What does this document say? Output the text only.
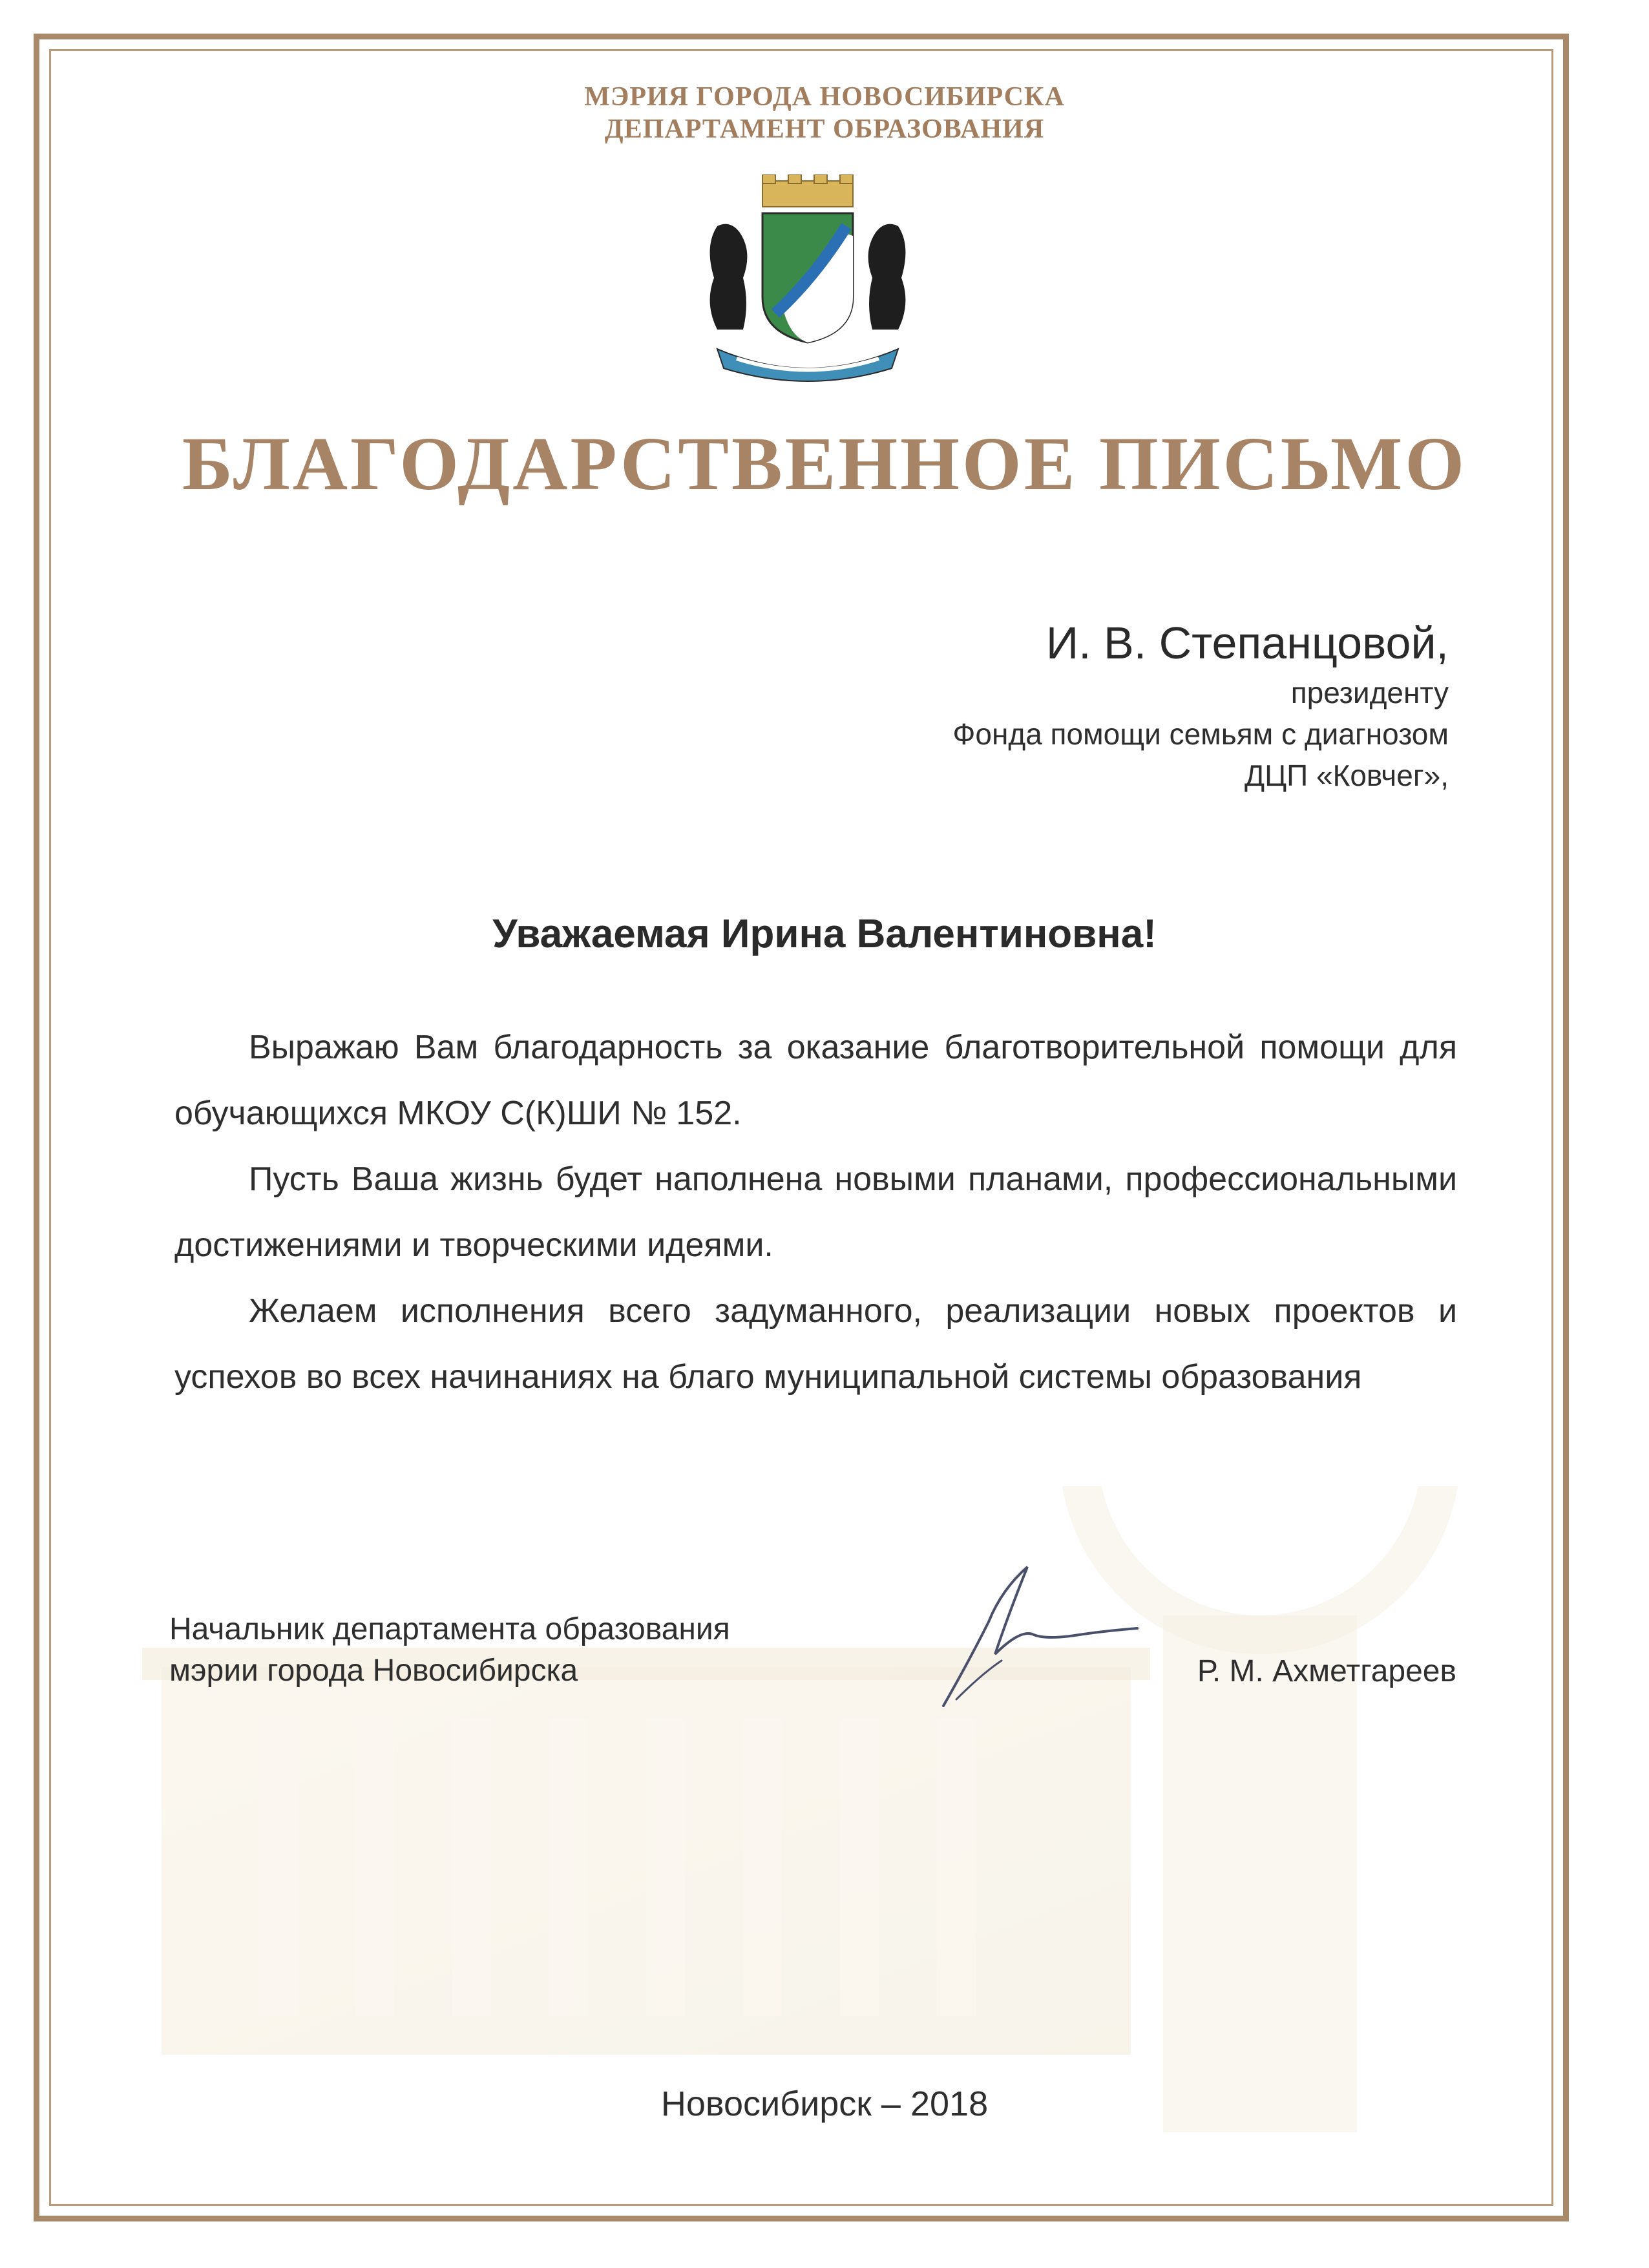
МЭРИЯ ГОРОДА НОВОСИБИРСКА
ДЕПАРТАМЕНТ ОБРАЗОВАНИЯ
БЛАГОДАРСТВЕННОЕ ПИСЬМО
И. В. Степанцовой,
президенту
Фонда помощи семьям с диагнозом
ДЦП «Ковчег»,
Уважаемая Ирина Валентиновна!

Выражаю Вам благодарность за оказание благотворительной помощи для обучающихся МКОУ С(К)ШИ № 152.

Пусть Ваша жизнь будет наполнена новыми планами, профессиональными достижениями и творческими идеями.

Желаем исполнения всего задуманного, реализации новых проектов и успехов во всех начинаниях на благо муниципальной системы образования

Начальник департамента образования
мэрии города Новосибирска	Р. М. Ахметгареев
Новосибирск – 2018
